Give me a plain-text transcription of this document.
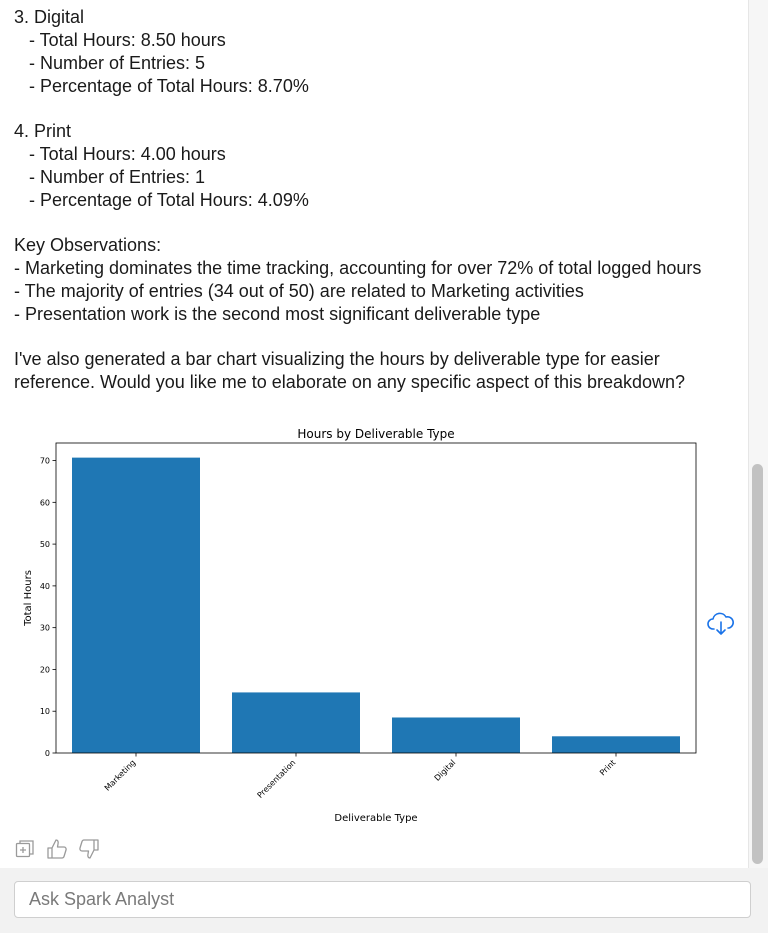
3. Digital
- Total Hours: 8.50 hours
- Number of Entries: 5
- Percentage of Total Hours: 8.70%
4. Print
- Total Hours: 4.00 hours
- Number of Entries: 1
- Percentage of Total Hours: 4.09%
Key Observations:
- Marketing dominates the time tracking, accounting for over 72% of total logged hours
- The majority of entries (34 out of 50) are related to Marketing activities
- Presentation work is the second most significant deliverable type
I've also generated a bar chart visualizing the hours by deliverable type for easier reference. Would you like me to elaborate on any specific aspect of this breakdown?
Hours by Deliverable Type
0
10
20
30
40
50
60
70
Marketing	Presentation	Digital	Print
Deliverable Type
Total Hours
Ask Spark Analyst
